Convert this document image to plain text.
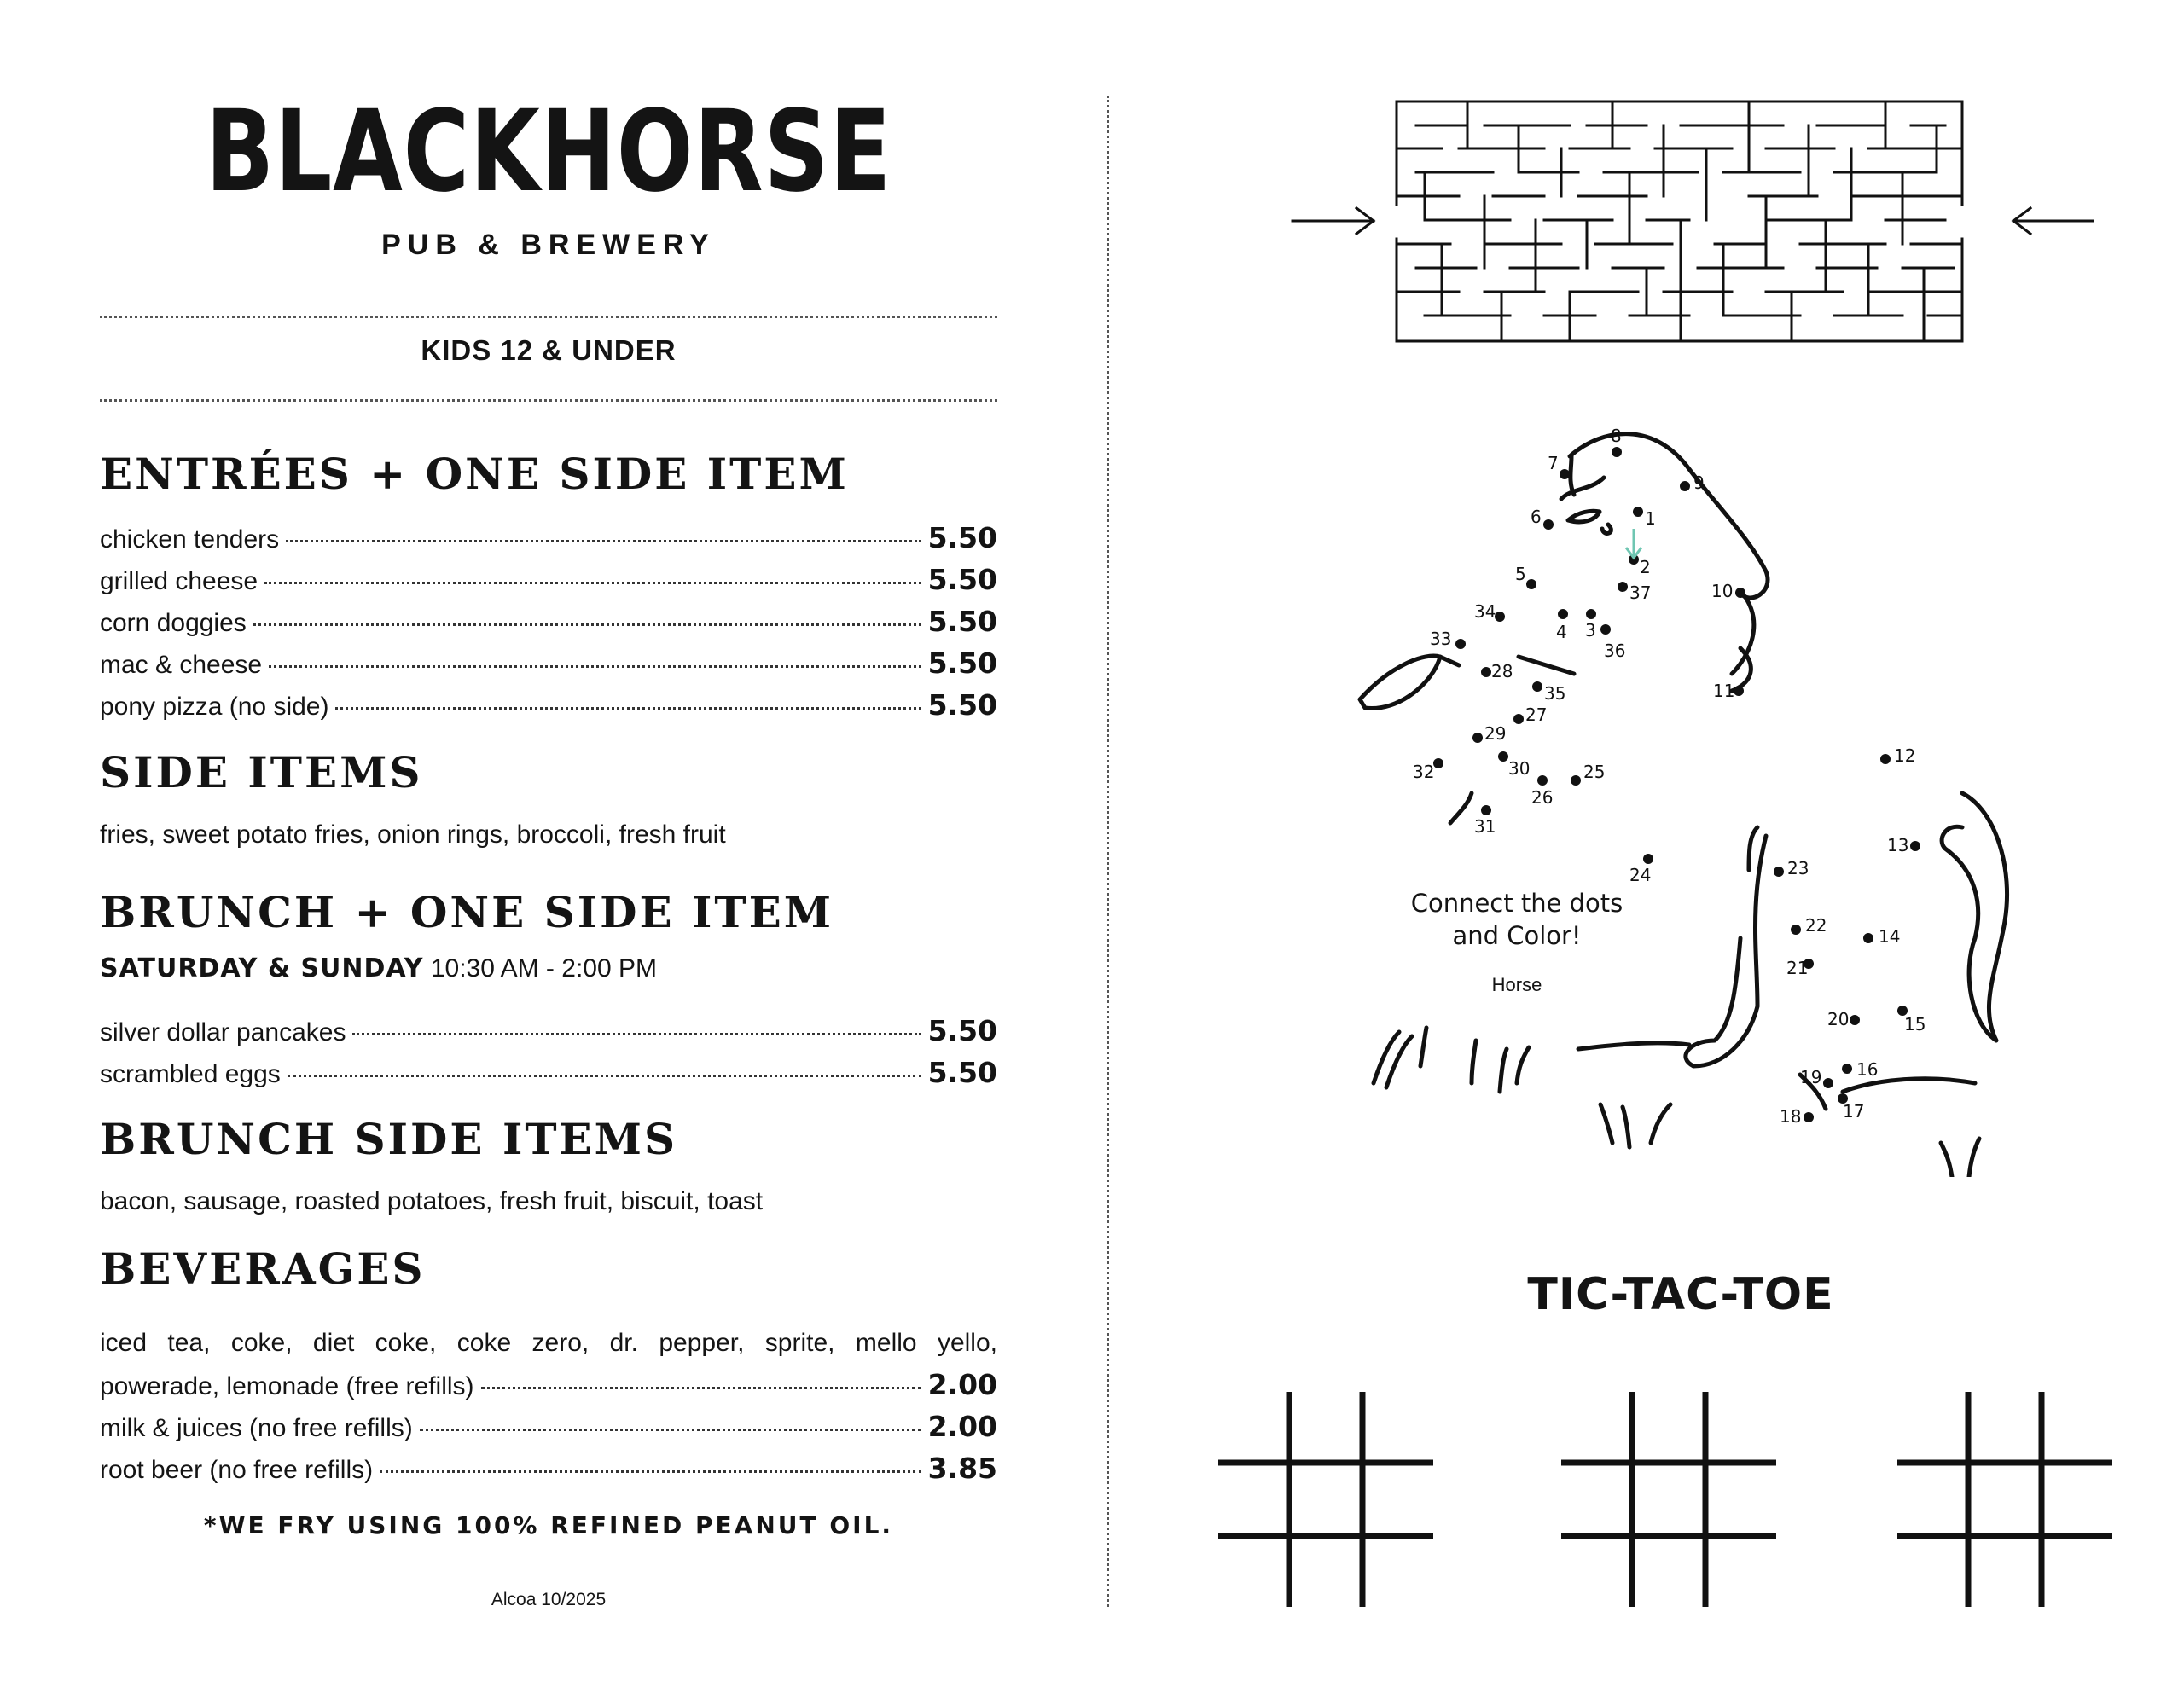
BLACKHORSE
PUB & BREWERY
KIDS 12 & UNDER
ENTRÉES + ONE SIDE ITEM
chicken tenders	5.50
grilled cheese	5.50
corn doggies	5.50
mac & cheese	5.50
pony pizza (no side)	5.50
SIDE ITEMS
fries, sweet potato fries, onion rings, broccoli, fresh fruit
BRUNCH + ONE SIDE ITEM
SATURDAY & SUNDAY 10:30 AM - 2:00 PM
silver dollar pancakes	5.50
scrambled eggs	5.50
BRUNCH SIDE ITEMS
bacon, sausage, roasted potatoes, fresh fruit, biscuit, toast
BEVERAGES
iced tea, coke, diet coke, coke zero, dr. pepper, sprite, mello yello,
powerade, lemonade (free refills)	2.00
milk & juices (no free refills)	2.00
root beer (no free refills)	3.85
*WE FRY USING 100% REFINED PEANUT OIL.
Alcoa 10/2025
1
2
3
4
5
6
7
8
9
10
11
12
13
14
15
16
17
18
19
20
21
22
23
24
25
26
27
28
29
30
31
32
33
34
35
36
37
Connect the dots
and Color!
Horse
TIC-TAC-TOE
